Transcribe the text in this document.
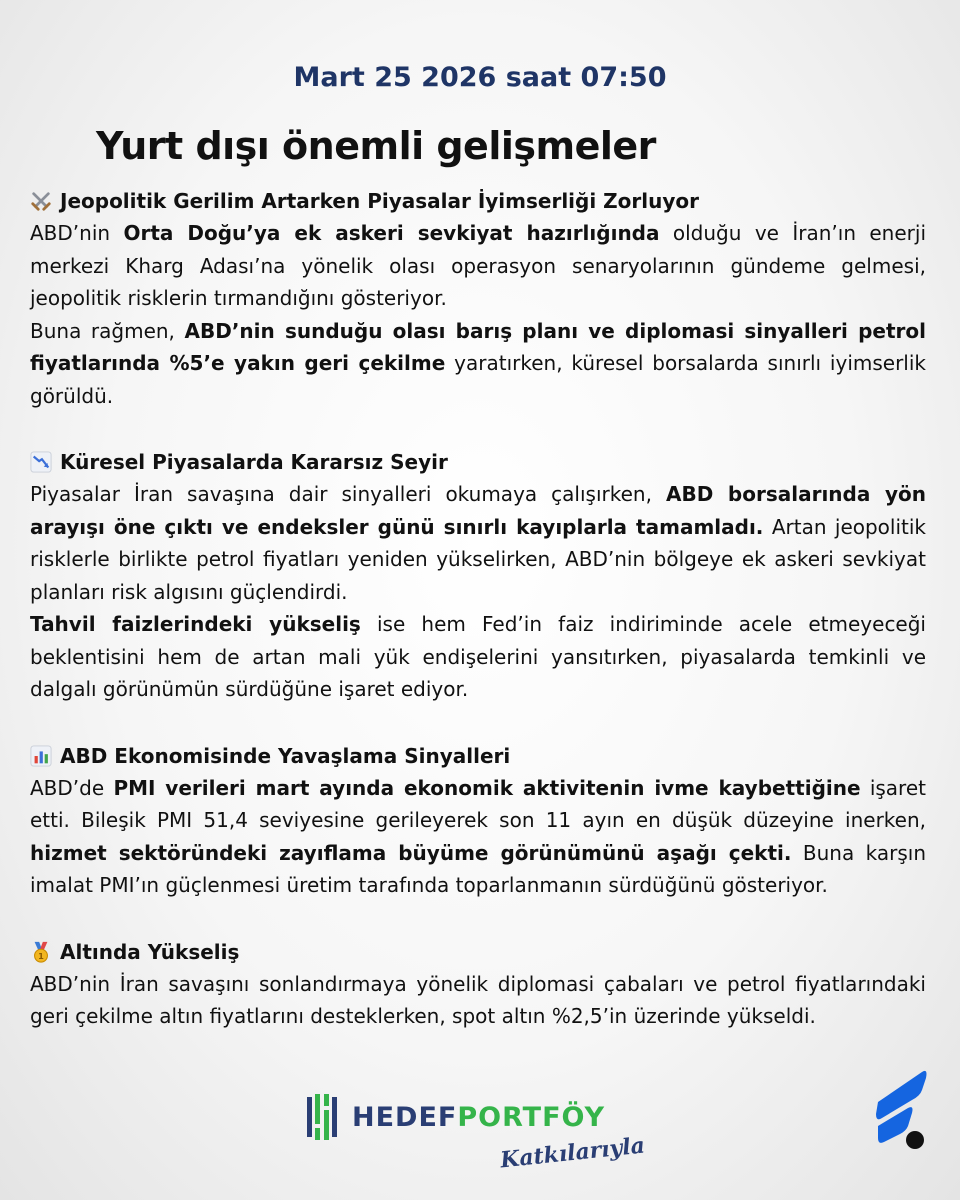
Mart 25 2026 saat 07:50
Yurt dışı önemli gelişmeler
Jeopolitik Gerilim Artarken Piyasalar İyimserliği Zorluyor

ABD’nin Orta Doğu’ya ek askeri sevkiyat hazırlığında olduğu ve İran’ın enerji merkezi Kharg Adası’na yönelik olası operasyon senaryolarının gündeme gelmesi, jeopolitik risklerin tırmandığını gösteriyor.

Buna rağmen, ABD’nin sunduğu olası barış planı ve diplomasi sinyalleri petrol fiyatlarında %5’e yakın geri çekilme yaratırken, küresel borsalarda sınırlı iyimserlik görüldü.

Küresel Piyasalarda Kararsız Seyir

Piyasalar İran savaşına dair sinyalleri okumaya çalışırken, ABD borsalarında yön arayışı öne çıktı ve endeksler günü sınırlı kayıplarla tamamladı. Artan jeopolitik risklerle birlikte petrol fiyatları yeniden yükselirken, ABD’nin bölgeye ek askeri sevkiyat planları risk algısını güçlendirdi.

Tahvil faizlerindeki yükseliş ise hem Fed’in faiz indiriminde acele etmeyeceği beklentisini hem de artan mali yük endişelerini yansıtırken, piyasalarda temkinli ve dalgalı görünümün sürdüğüne işaret ediyor.

ABD Ekonomisinde Yavaşlama Sinyalleri

ABD’de PMI verileri mart ayında ekonomik aktivitenin ivme kaybettiğine işaret etti. Bileşik PMI 51,4 seviyesine gerileyerek son 11 ayın en düşük düzeyine inerken, hizmet sektöründeki zayıflama büyüme görünümünü aşağı çekti. Buna karşın imalat PMI’ın güçlenmesi üretim tarafında toparlanmanın sürdüğünü gösteriyor.

1 Altında Yükseliş

ABD’nin İran savaşını sonlandırmaya yönelik diplomasi çabaları ve petrol fiyatlarındaki geri çekilme altın fiyatlarını desteklerken, spot altın %2,5’in üzerinde yükseldi.

HEDEFPORTFÖY
Katkılarıyla
